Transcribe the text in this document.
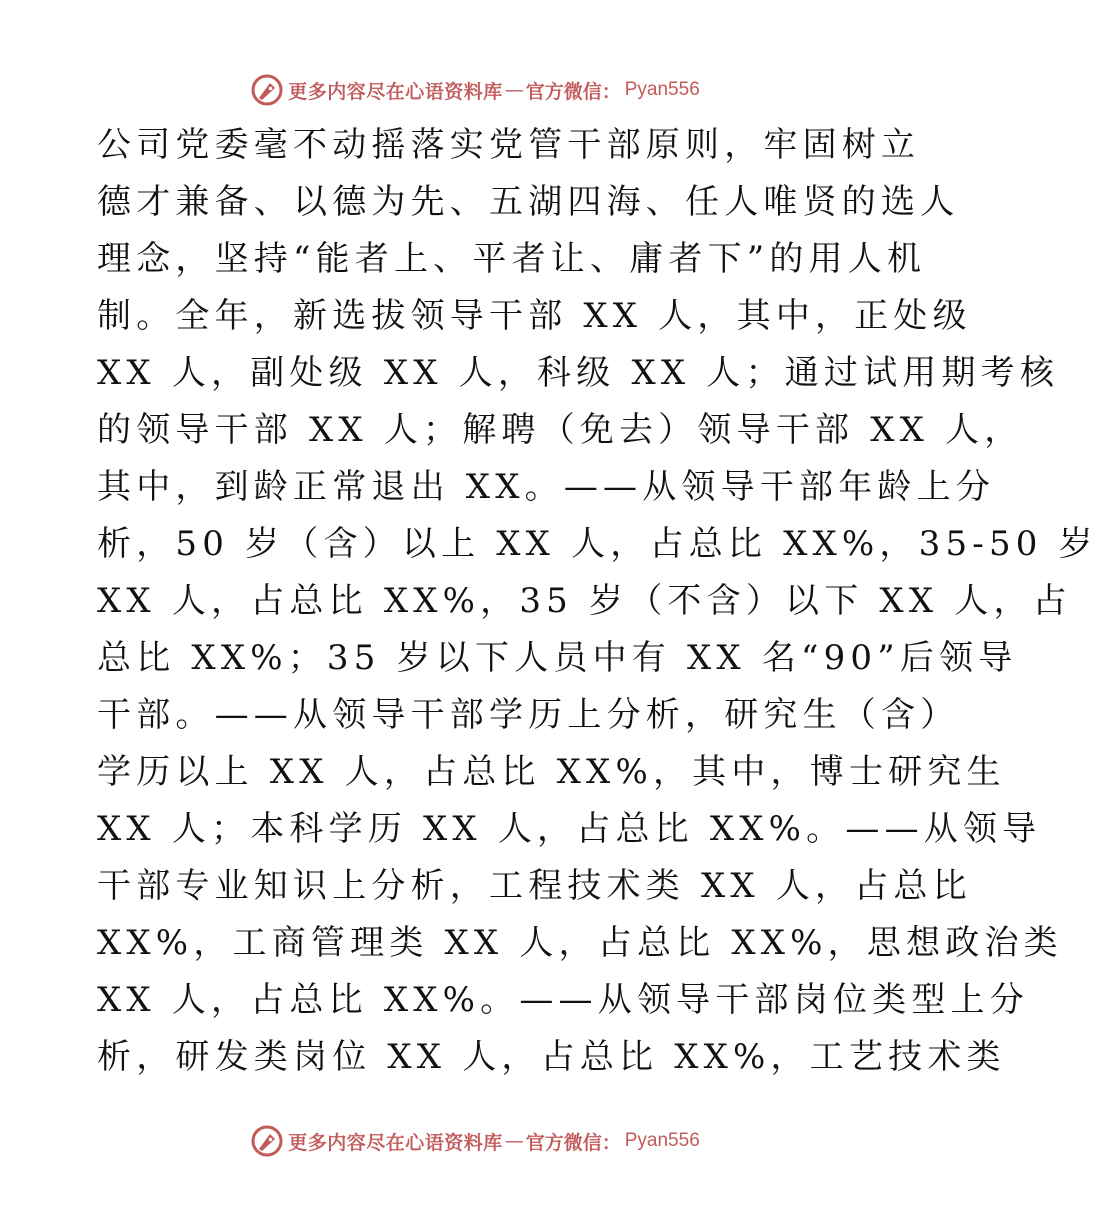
更多内容尽在心语资料库 — 官方微信： Pyan556

公司党委毫不动摇落实党管干部原则，牢固树立

德才兼备、以德为先、五湖四海、任人唯贤的选人

理念，坚持“能者上、平者让、庸者下”的用人机

制。全年，新选拔领导干部 XX 人，其中，正处级

XX 人，副处级 XX 人，科级 XX 人；通过试用期考核

的领导干部 XX 人；解聘（免去）领导干部 XX 人，

其中，到龄正常退出 XX。——从领导干部年龄上分

析，50 岁（含）以上 XX 人，占总比 XX%，35-50 岁

XX 人，占总比 XX%，35 岁（不含）以下 XX 人，占

总比 XX%；35 岁以下人员中有 XX 名“90”后领导

干部。——从领导干部学历上分析，研究生（含）

学历以上 XX 人，占总比 XX%，其中，博士研究生

XX 人；本科学历 XX 人，占总比 XX%。——从领导

干部专业知识上分析，工程技术类 XX 人，占总比

XX%，工商管理类 XX 人，占总比 XX%，思想政治类

XX 人，占总比 XX%。——从领导干部岗位类型上分

析，研发类岗位 XX 人，占总比 XX%，工艺技术类

更多内容尽在心语资料库 — 官方微信： Pyan556
